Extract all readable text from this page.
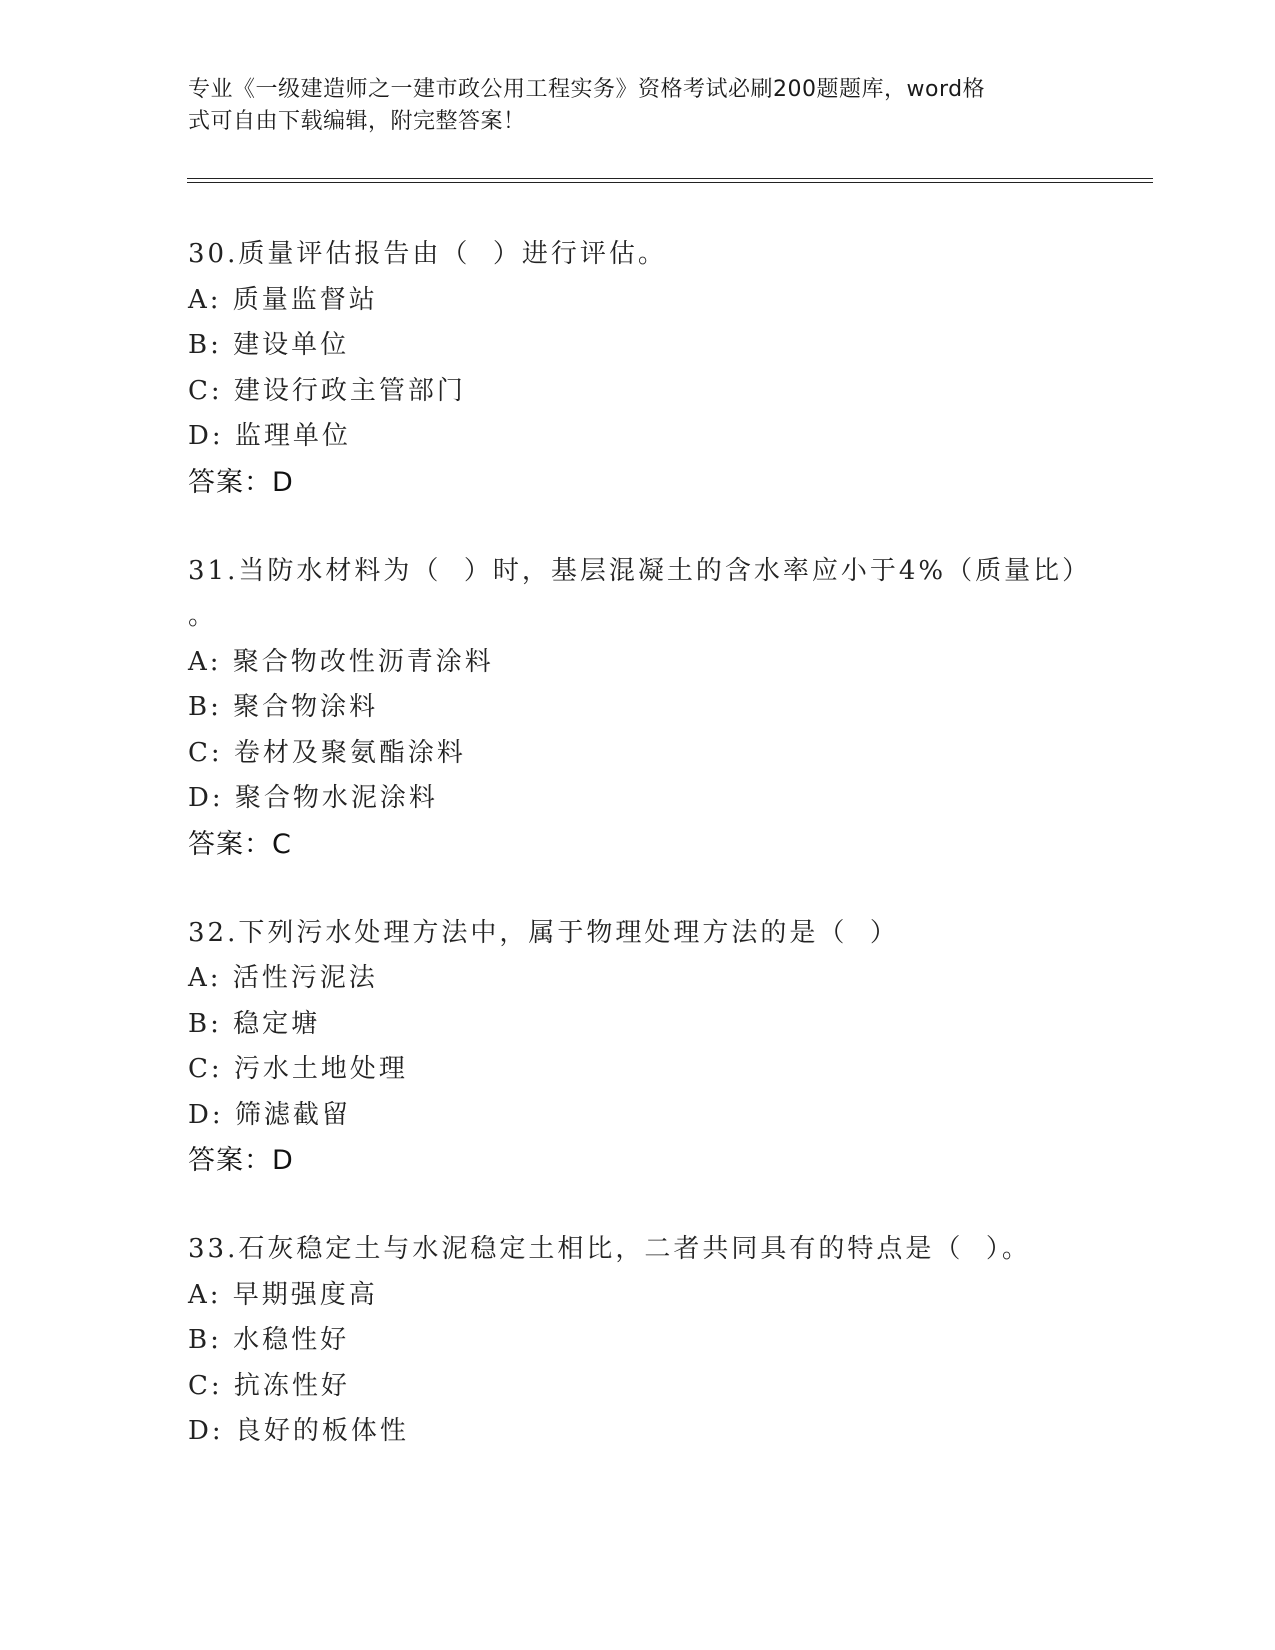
专业《一级建造师之一建市政公用工程实务》资格考试必刷200题题库，word格
式可自由下载编辑，附完整答案！
30.质量评估报告由（  ）进行评估。
A: 质量监督站
B: 建设单位
C: 建设行政主管部门
D: 监理单位
答案：D
31.当防水材料为（  ）时，基层混凝土的含水率应小于4%（质量比）
。
A: 聚合物改性沥青涂料
B: 聚合物涂料
C: 卷材及聚氨酯涂料
D: 聚合物水泥涂料
答案：C
32.下列污水处理方法中，属于物理处理方法的是（  ）
A: 活性污泥法
B: 稳定塘
C: 污水土地处理
D: 筛滤截留
答案：D
33.石灰稳定土与水泥稳定土相比，二者共同具有的特点是（  ）。
A: 早期强度高
B: 水稳性好
C: 抗冻性好
D: 良好的板体性
